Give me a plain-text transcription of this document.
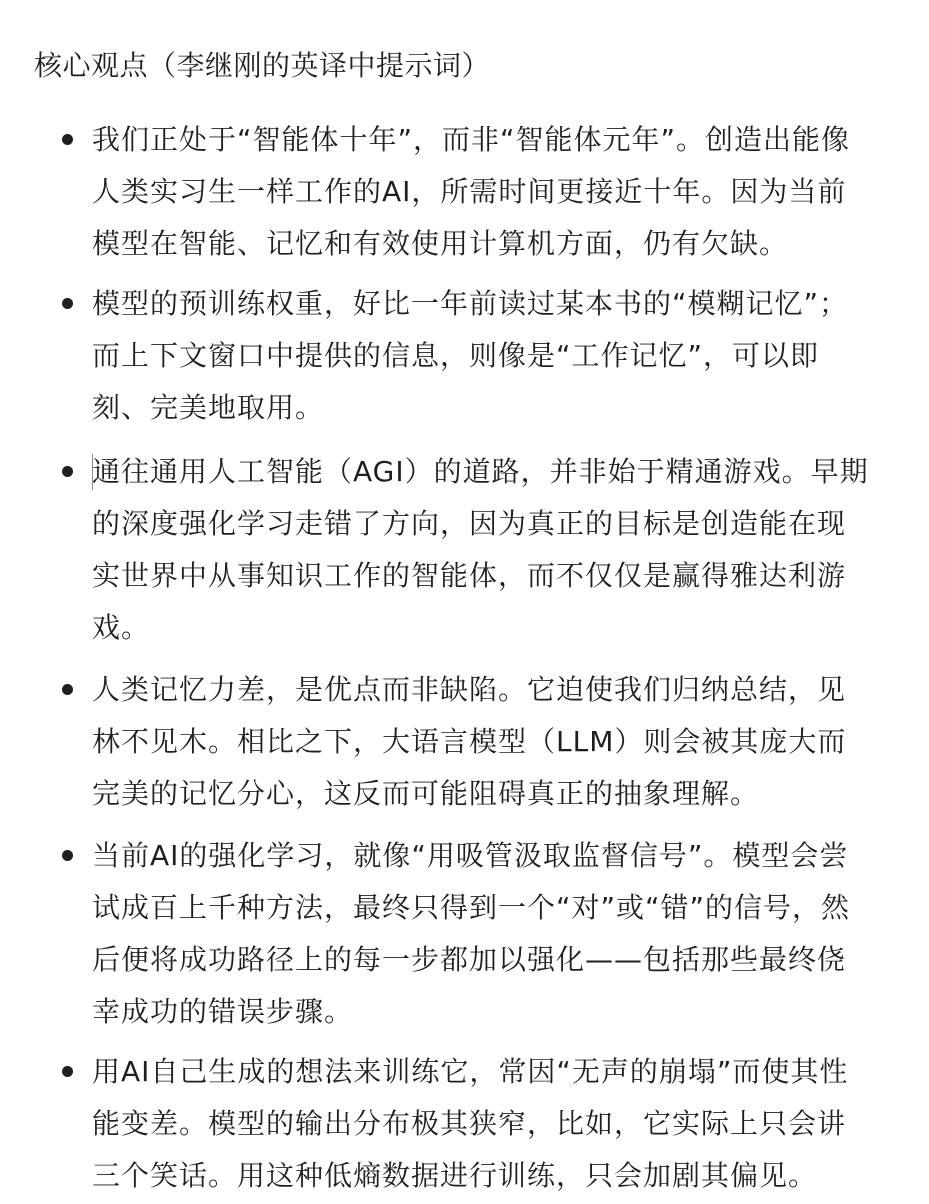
核心观点（李继刚的英译中提示词）
我们正处于“智能体十年”，而非“智能体元年”。创造出能像
人类实习生一样工作的AI，所需时间更接近十年。因为当前
模型在智能、记忆和有效使用计算机方面，仍有欠缺。
模型的预训练权重，好比一年前读过某本书的“模糊记忆”；
而上下文窗口中提供的信息，则像是“工作记忆”，可以即
刻、完美地取用。
通往通用人工智能（AGI）的道路，并非始于精通游戏。早期
的深度强化学习走错了方向，因为真正的目标是创造能在现
实世界中从事知识工作的智能体，而不仅仅是赢得雅达利游
戏。
人类记忆力差，是优点而非缺陷。它迫使我们归纳总结，见
林不见木。相比之下，大语言模型（LLM）则会被其庞大而
完美的记忆分心，这反而可能阻碍真正的抽象理解。
当前AI的强化学习，就像“用吸管汲取监督信号”。模型会尝
试成百上千种方法，最终只得到一个“对”或“错”的信号，然
后便将成功路径上的每一步都加以强化——包括那些最终侥
幸成功的错误步骤。
用AI自己生成的想法来训练它，常因“无声的崩塌”而使其性
能变差。模型的输出分布极其狭窄，比如，它实际上只会讲
三个笑话。用这种低熵数据进行训练，只会加剧其偏见。
